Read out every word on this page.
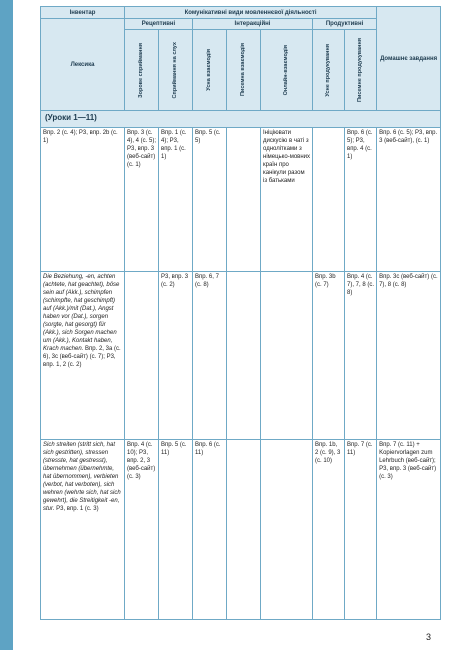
Інвентар	Комунікативні види мовленнєвої діяльності							Домашнє завдання
Лексика	Рецептивні		Інтеракційні			Продуктивні		

	Зорове сприймання	Сприймання на слух	Усна взаємодія	Писемна взаємодія	Онлайн-взаємодія	Усне продукування	Писемне продукування	

(Уроки 1—11)								
Впр. 2 (с. 4); Р3, впр. 2b (с. 1)	Впр. 3 (с. 4), 4 (с. 5); Р3, впр. 3 (веб-сайт) (с. 1)	Впр. 1 (с. 4); Р3, впр. 1 (с. 1)	Впр. 5 (с. 5)		Ініціювати дискусію в чаті з однолітками з німецько-мовних країн про канікули разом із батьками		Впр. 6 (с. 5); Р3, впр. 4 (с. 1)	Впр. 6 (с. 5); Р3, впр. 3 (веб-сайт), (с. 1)
Die Beziehung, -en, achten (achtete, hat geachtet), böse sein auf (Akk.), schimpfen (schimpfte, hat geschimpft) auf (Akk.)/mit (Dat.), Angst haben vor (Dat.), sorgen (sorgte, hat gesorgt) für (Akk.), sich Sorgen machen um (Akk.), Kontakt haben, Krach machen. Впр. 2, 3а (с. 6), 3с (веб-сайт) (с. 7); Р3, впр. 1, 2 (с. 2)		Р3, впр. 3 (с. 2)	Впр. 6, 7 (с. 8)			Впр. 3b (с. 7)	Впр. 4 (с. 7), 7, 8 (с. 8)	Впр. 3с (веб-сайт) (с. 7), 8 (с. 8)
Sich streiten (stritt sich, hat sich gestritten), stressen (stresste, hat gestresst), übernehmen (übernehmte, hat übernommen), verbieten (verbot, hat verboten), sich wehren (wehrte sich, hat sich gewehrt), die Streitigkeit -en, stur. Р3, впр. 1 (с. 3)	Впр. 4 (с. 10); Р3, впр. 2, 3 (веб-сайт) (с. 3)	Впр. 5 (с. 11)	Впр. 6 (с. 11)			Впр. 1b, 2 (с. 9), 3 (с. 10)	Впр. 7 (с. 11)	Впр. 7 (с. 11) + Kopiervorlagen zum Lehrbuch (веб-сайт); Р3, впр. 3 (веб-сайт) (с. 3)
3
